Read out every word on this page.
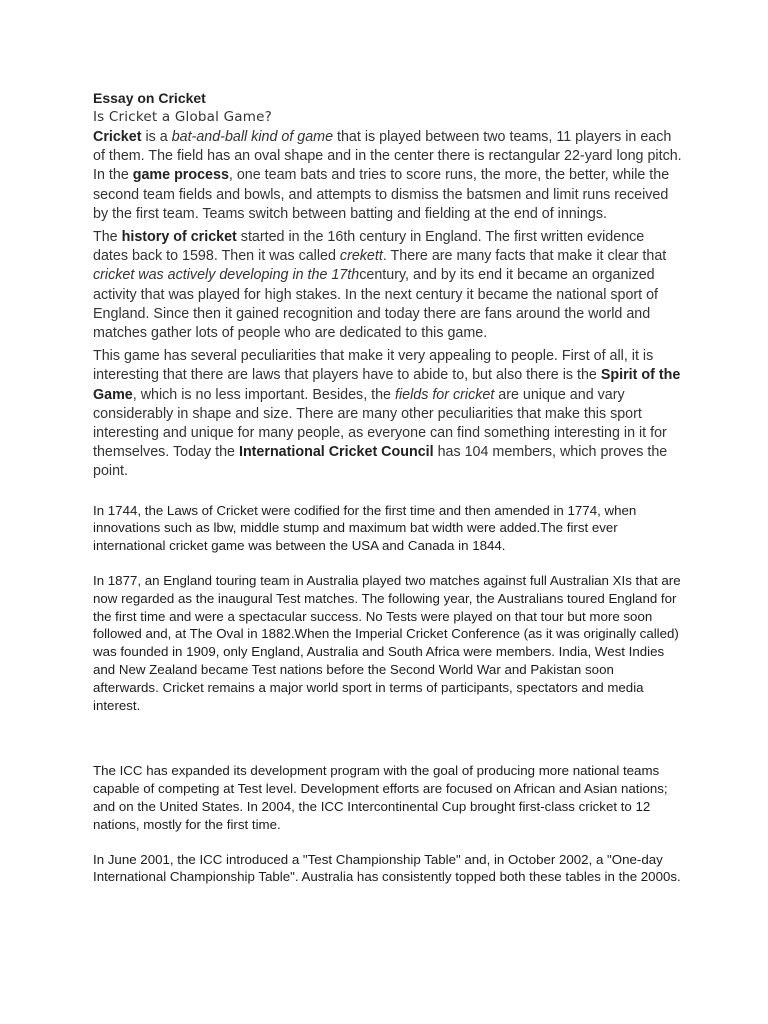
Essay on Cricket
Is Cricket a Global Game?

Cricket is a bat-and-ball kind of game that is played between two teams, 11 players in each of them. The field has an oval shape and in the center there is rectangular 22-yard long pitch. In the game process, one team bats and tries to score runs, the more, the better, while the second team fields and bowls, and attempts to dismiss the batsmen and limit runs received by the first team. Teams switch between batting and fielding at the end of innings.

The history of cricket started in the 16th century in England. The first written evidence dates back to 1598. Then it was called crekett. There are many facts that make it clear that cricket was actively developing in the 17thcentury, and by its end it became an organized activity that was played for high stakes. In the next century it became the national sport of England. Since then it gained recognition and today there are fans around the world and matches gather lots of people who are dedicated to this game.

This game has several peculiarities that make it very appealing to people. First of all, it is interesting that there are laws that players have to abide to, but also there is the Spirit of the Game, which is no less important. Besides, the fields for cricket are unique and vary considerably in shape and size. There are many other peculiarities that make this sport interesting and unique for many people, as everyone can find something interesting in it for themselves. Today the International Cricket Council has 104 members, which proves the point.

In 1744, the Laws of Cricket were codified for the first time and then amended in 1774, when innovations such as lbw, middle stump and maximum bat width were added.The first ever international cricket game was between the USA and Canada in 1844.

In 1877, an England touring team in Australia played two matches against full Australian XIs that are now regarded as the inaugural Test matches. The following year, the Australians toured England for the first time and were a spectacular success. No Tests were played on that tour but more soon followed and, at The Oval in 1882.When the Imperial Cricket Conference (as it was originally called) was founded in 1909, only England, Australia and South Africa were members. India, West Indies and New Zealand became Test nations before the Second World War and Pakistan soon afterwards. Cricket remains a major world sport in terms of participants, spectators and media interest.

The ICC has expanded its development program with the goal of producing more national teams capable of competing at Test level. Development efforts are focused on African and Asian nations; and on the United States. In 2004, the ICC Intercontinental Cup brought first-class cricket to 12 nations, mostly for the first time.

In June 2001, the ICC introduced a "Test Championship Table" and, in October 2002, a "One-day International Championship Table". Australia has consistently topped both these tables in the 2000s.
